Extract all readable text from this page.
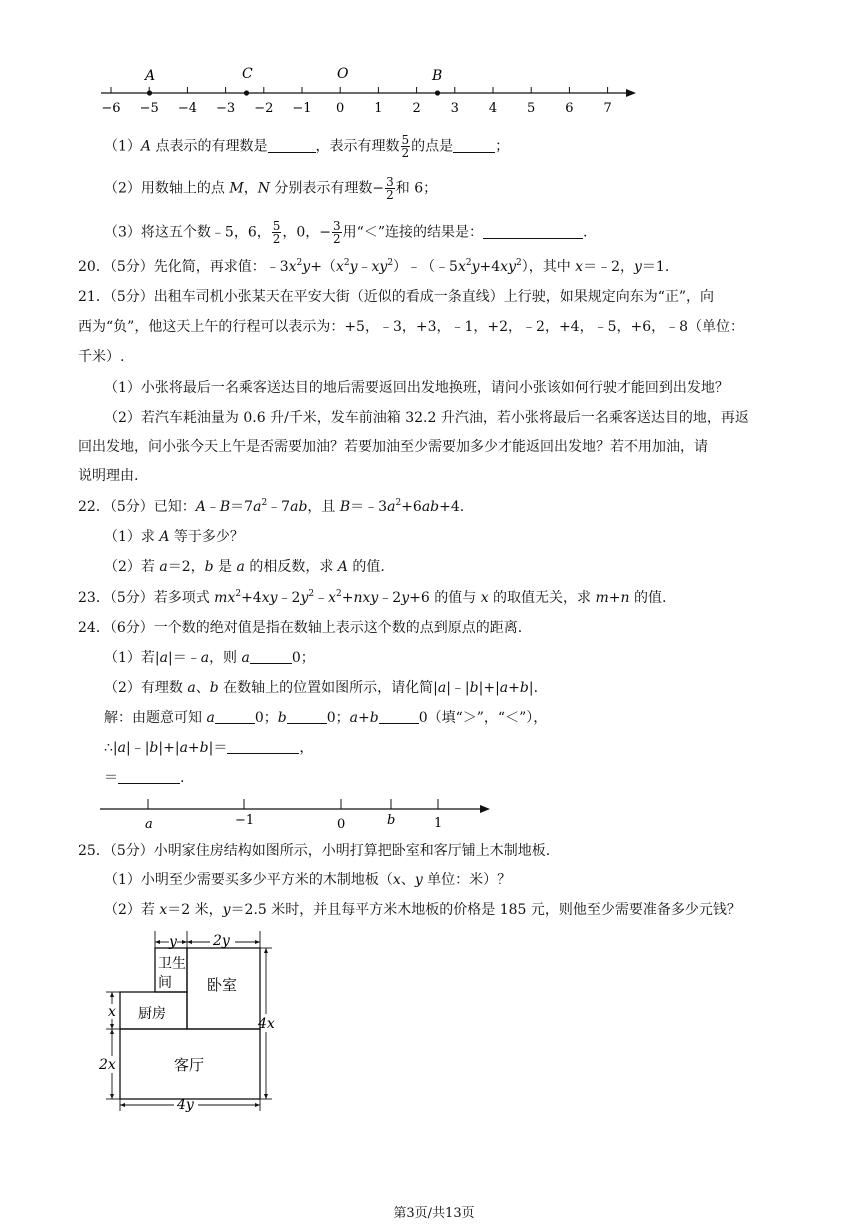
−6 −5 −4 −3 −2 −1 0 1 2 3 4 5 6 7
A	C	O	B
（1）A 点表示的有理数是	，表示有理数 $\frac{5}{2}$ 的点是	；
（2）用数轴上的点 M，N 分别表示有理数− $\frac{3}{2}$ 和 6；
（3）将这五个数﹣5，6， $\frac{5}{2}$ ，0，− $\frac{3}{2}$ 用“＜”连接的结果是：	.
20．（5分）先化简，再求值：$﹣3x^2y+(x^2y﹣xy^2)﹣(﹣5x^2y+4xy^2)$，其中 x＝﹣2，y＝1.
21．（5分）出租车司机小张某天在平安大街（近似的看成一条直线）上行驶，如果规定向东为“正”，向
西为“负”，他这天上午的行程可以表示为：+5，﹣3，+3，﹣1，+2，﹣2，+4，﹣5，+6，﹣8（单位：
千米）.
（1）小张将最后一名乘客送达目的地后需要返回出发地换班，请问小张该如何行驶才能回到出发地？
（2）若汽车耗油量为 0.6 升/千米，发车前油箱 32.2 升汽油，若小张将最后一名乘客送达目的地，再返
回出发地，问小张今天上午是否需要加油？若要加油至少需要加多少才能返回出发地？若不用加油，请
说明理由.
22．（5分）已知：$A﹣B=7a^2﹣7ab$，且 $B=﹣3a^2+6ab+4$.
（1）求 A 等于多少？
（2）若 a＝2，b 是 a 的相反数，求 A 的值.
23．（5分）若多项式 $mx^2+4xy﹣2y^2﹣x^2+nxy﹣2y+6$ 的值与 x 的取值无关，求 m+n 的值.
24．（6分）一个数的绝对值是指在数轴上表示这个数的点到原点的距离.
（1）若|a|＝﹣a，则 a	0；
（2）有理数 a、b 在数轴上的位置如图所示，请化简|a|﹣|b|+|a+b|.
解：由题意可知 a	0；b	0；a+b	0（填“＞”，“＜”），
∴|a|﹣|b|+|a+b|＝	，
＝	.
a	−1	0	b	1
25．（5分）小明家住房结构如图所示，小明打算把卧室和客厅铺上木制地板.
（1）小明至少需要买多少平方米的木制地板（x、y 单位：米）？
（2）若 x＝2 米，y＝2.5 米时，并且每平方米木地板的价格是 185 元，则他至少需要准备多少元钱？
y	2y
卫生
间 卧室
厨房
客厅
x
2x
4x
4y
第3页/共13页
